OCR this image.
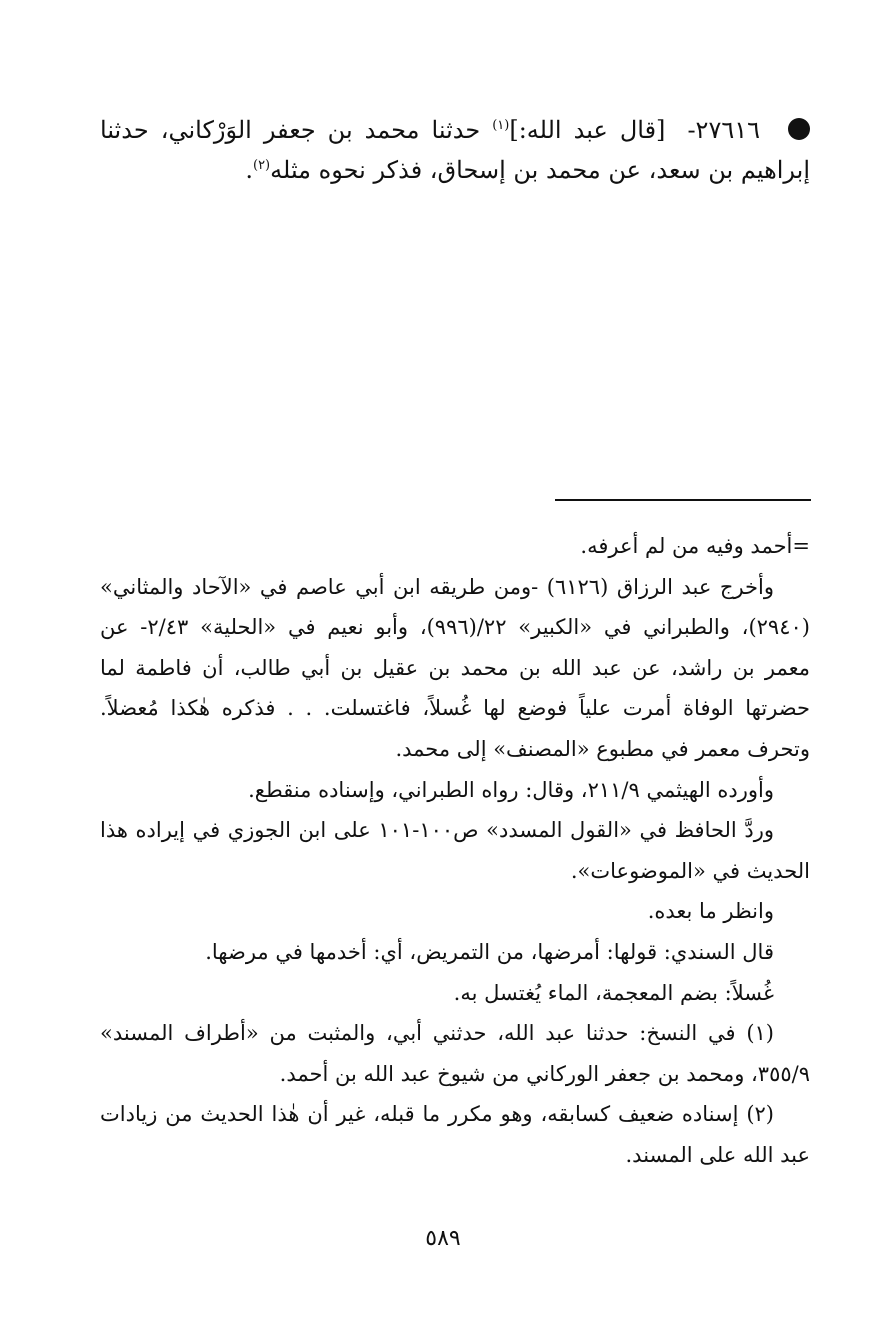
٢٧٦١٦- [قال عبد الله:]$^{(١)}$ حدثنا محمد بن جعفر الوَرْكاني، حدثنا إبراهيم بن سعد، عن محمد بن إسحاق، فذكر نحوه مثله$^{(٢)}$.

=أحمد وفيه من لم أعرفه.

وأخرج عبد الرزاق (٦١٢٦) -ومن طريقه ابن أبي عاصم في «الآحاد والمثاني» (٢٩٤٠)، والطبراني في «الكبير» ٢٢/(٩٩٦)، وأبو نعيم في «الحلية» ٢/٤٣- عن معمر بن راشد، عن عبد الله بن محمد بن عقيل بن أبي طالب، أن فاطمة لما حضرتها الوفاة أمرت علياً فوضع لها غُسلاً، فاغتسلت. . . فذكره هٰكذا مُعضلاً. وتحرف معمر في مطبوع «المصنف» إلى محمد.

وأورده الهيثمي ٢١١/٩، وقال: رواه الطبراني، وإسناده منقطع.

وردَّ الحافظ في «القول المسدد» ص١٠٠-١٠١ على ابن الجوزي في إيراده هذا الحديث في «الموضوعات».

وانظر ما بعده.

قال السندي: قولها: أمرضها، من التمريض، أي: أخدمها في مرضها.

غُسلاً: بضم المعجمة، الماء يُغتسل به.

(١) في النسخ: حدثنا عبد الله، حدثني أبي، والمثبت من «أطراف المسند» ٣٥٥/٩، ومحمد بن جعفر الوركاني من شيوخ عبد الله بن أحمد.

(٢) إسناده ضعيف كسابقه، وهو مكرر ما قبله، غير أن هٰذا الحديث من زيادات عبد الله على المسند.

٥٨٩
